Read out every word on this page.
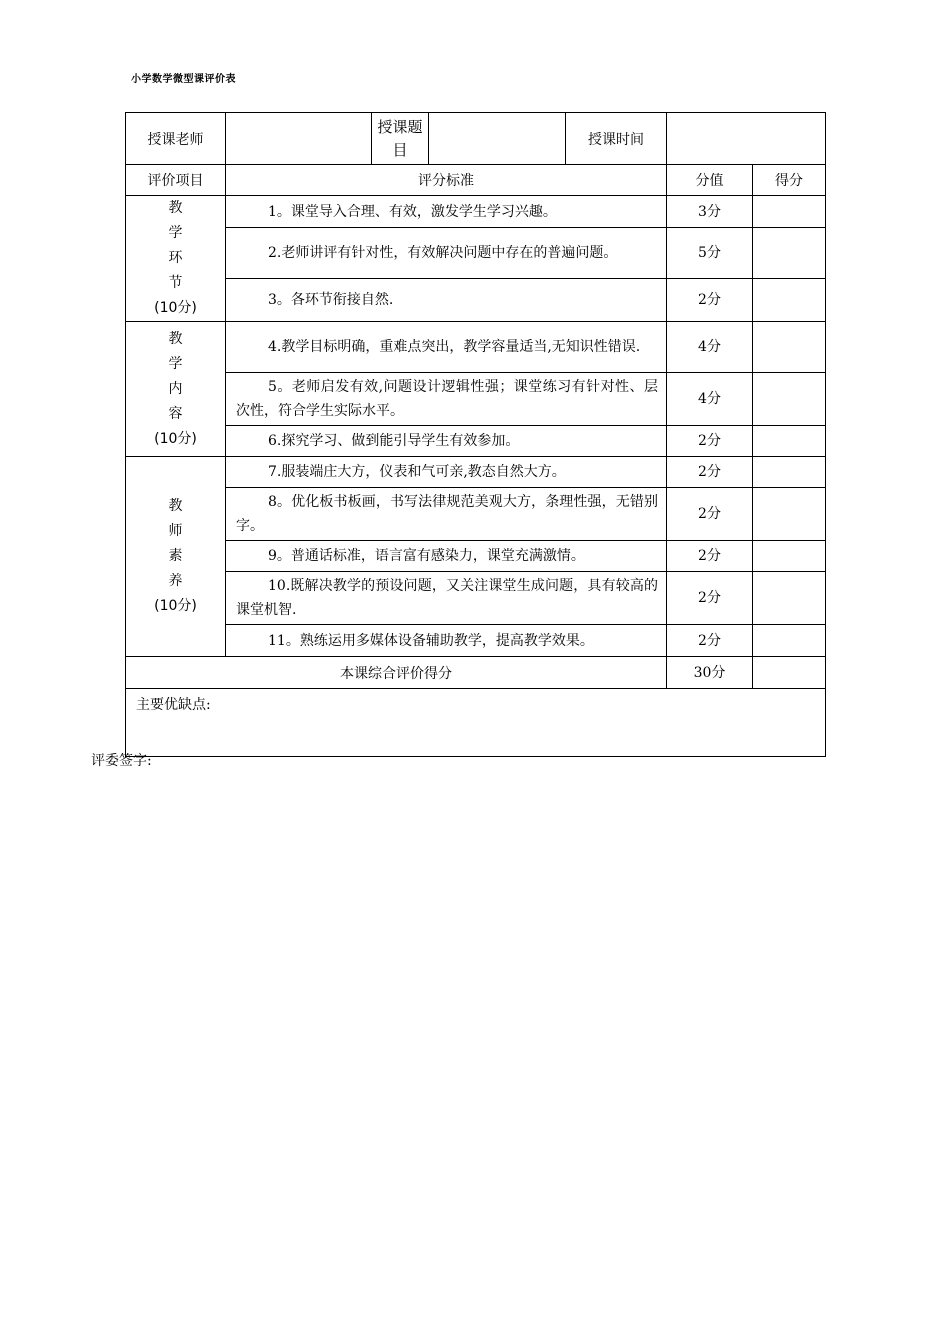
小学数学微型课评价表
授课老师		授课题目		授课时间		
评价项目	评分标准				分值	得分

教
学
环
节
(10分)	1。课堂导入合理、有效，激发学生学习兴趣。				3分	
	2.老师讲评有针对性，有效解决问题中存在的普遍问题。				5分	
	3。各环节衔接自然.				2分	

教
学
内
容
(10分)	4.教学目标明确，重难点突出，教学容量适当,无知识性错误.				4分	
	5。老师启发有效,问题设计逻辑性强；课堂练习有针对性、层次性，符合学生实际水平。				4分	
	6.探究学习、做到能引导学生有效参加。				2分	

教
师
素
养
(10分)	7.服装端庄大方，仪表和气可亲,教态自然大方。				2分	
	8。优化板书板画，书写法律规范美观大方，条理性强，无错别字。				2分	
	9。普通话标准，语言富有感染力，课堂充满激情。				2分	
	10.既解决教学的预设问题，又关注课堂生成问题，具有较高的课堂机智.				2分	
	11。熟练运用多媒体设备辅助教学，提高教学效果。				2分	
本课综合评价得分					30分	
主要优缺点:						
评委签字:
